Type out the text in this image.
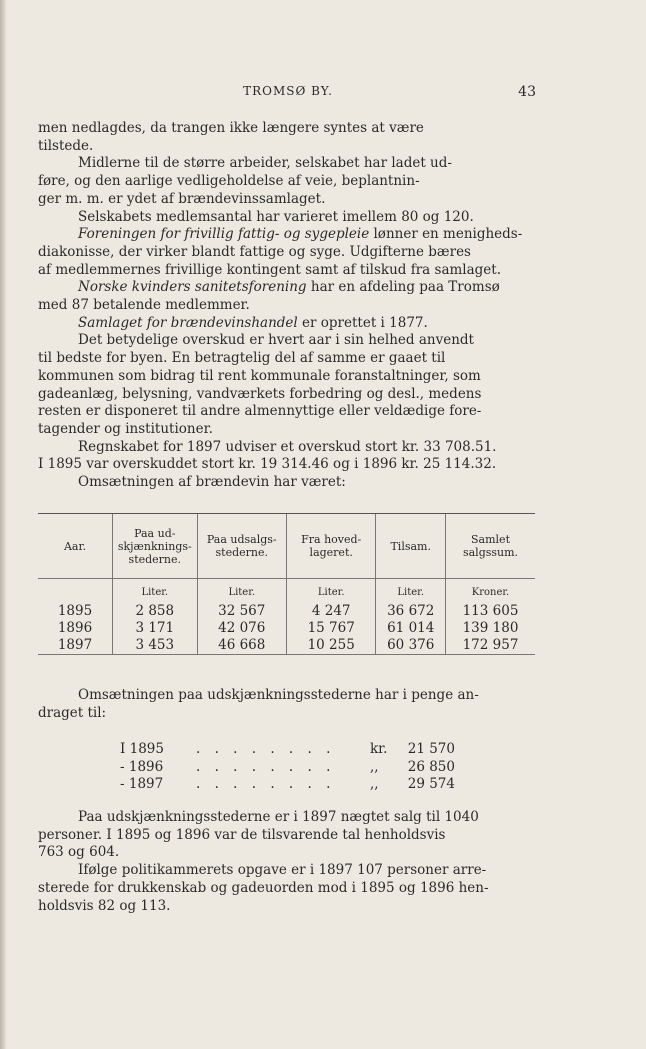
TROMSØ BY.	43

men nedlagdes, da trangen ikke længere syntes at være

tilstede.

Midlerne til de større arbeider, selskabet har ladet ud-

føre, og den aarlige vedligeholdelse af veie, beplantnin-

ger m. m. er ydet af brændevinssamlaget.

Selskabets medlemsantal har varieret imellem 80 og 120.

Foreningen for frivillig fattig- og sygepleie lønner en menigheds-

diakonisse, der virker blandt fattige og syge. Udgifterne bæres

af medlemmernes frivillige kontingent samt af tilskud fra samlaget.

Norske kvinders sanitetsforening har en afdeling paa Tromsø

med 87 betalende medlemmer.

Samlaget for brændevinshandel er oprettet i 1877.

Det betydelige overskud er hvert aar i sin helhed anvendt

til bedste for byen. En betragtelig del af samme er gaaet til

kommunen som bidrag til rent kommunale foranstaltninger, som

gadeanlæg, belysning, vandværkets forbedring og desl., medens

resten er disponeret til andre almennyttige eller veldædige fore-

tagender og institutioner.

Regnskabet for 1897 udviser et overskud stort kr. 33 708.51.

I 1895 var overskuddet stort kr. 19 314.46 og i 1896 kr. 25 114.32.

Omsætningen af brændevin har været:

Aar.	Paa ud-skjænknings-stederne.	Paa udsalgs-stederne.	Fra hoved-lageret.	Tilsam.	Samlet salgssum.
	Liter.	Liter.	Liter.	Liter.	Kroner.
1895	2 858	32 567	4 247	36 672	113 605
1896	3 171	42 076	15 767	61 014	139 180
1897	3 453	46 668	10 255	60 376	172 957

Omsætningen paa udskjænkningsstederne har i penge an-

draget til:

I 1895 . . . . . . . .	kr. 21 570
- 1896 . . . . . . . .	,, 26 850
- 1897 . . . . . . . .	,, 29 574

Paa udskjænkningsstederne er i 1897 nægtet salg til 1040

personer. I 1895 og 1896 var de tilsvarende tal henholdsvis

763 og 604.

Ifølge politikammerets opgave er i 1897 107 personer arre-

sterede for drukkenskab og gadeuorden mod i 1895 og 1896 hen-

holdsvis 82 og 113.
